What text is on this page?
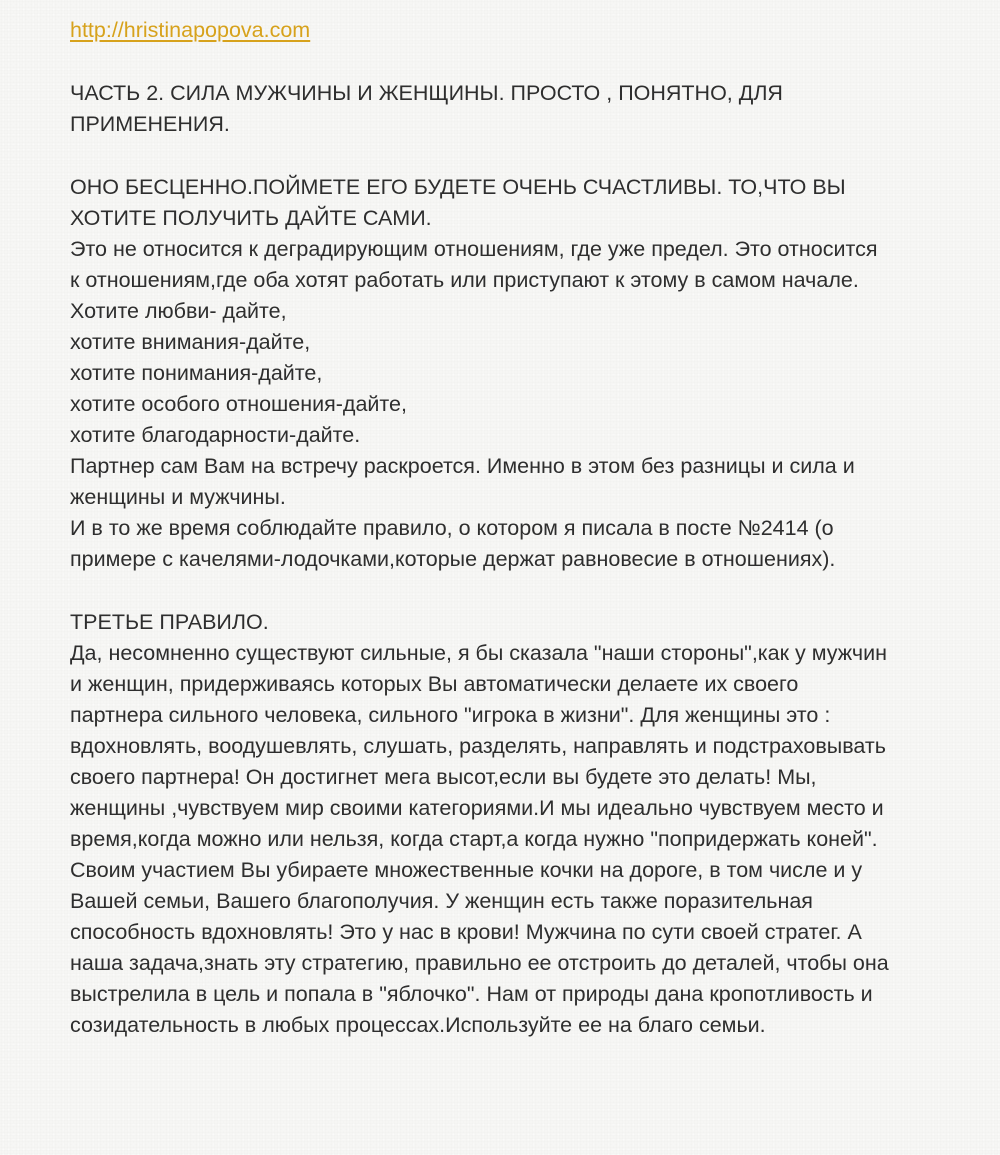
http://hristinapopova.com
ЧАСТЬ 2. СИЛА МУЖЧИНЫ И ЖЕНЩИНЫ. ПРОСТО , ПОНЯТНО, ДЛЯ
ПРИМЕНЕНИЯ.
ОНО БЕСЦЕННО.ПОЙМЕТЕ ЕГО БУДЕТЕ ОЧЕНЬ СЧАСТЛИВЫ. ТО,ЧТО ВЫ
ХОТИТЕ ПОЛУЧИТЬ ДАЙТЕ САМИ.
Это не относится к деградирующим отношениям, где уже предел. Это относится
к отношениям,где оба хотят работать или приступают к этому в самом начале.
Хотите любви- дайте,
хотите внимания-дайте,
хотите понимания-дайте,
хотите особого отношения-дайте,
хотите благодарности-дайте.
Партнер сам Вам на встречу раскроется. Именно в этом без разницы и сила и
женщины и мужчины.
И в то же время соблюдайте правило, о котором я писала в посте №2414 (о
примере с качелями-лодочками,которые держат равновесие в отношениях).
ТРЕТЬЕ ПРАВИЛО.
Да, несомненно существуют сильные, я бы сказала "наши стороны",как у мужчин
и женщин, придерживаясь которых Вы автоматически делаете их своего
партнера сильного человека, сильного "игрока в жизни". Для женщины это :
вдохновлять, воодушевлять, слушать, разделять, направлять и подстраховывать
своего партнера! Он достигнет мега высот,если вы будете это делать! Мы,
женщины ,чувствуем мир своими категориями.И мы идеально чувствуем место и
время,когда можно или нельзя, когда старт,а когда нужно "попридержать коней".
Своим участием Вы убираете множественные кочки на дороге, в том числе и у
Вашей семьи, Вашего благополучия. У женщин есть также поразительная
способность вдохновлять! Это у нас в крови! Мужчина по сути своей стратег. А
наша задача,знать эту стратегию, правильно ее отстроить до деталей, чтобы она
выстрелила в цель и попала в "яблочко". Нам от природы дана кропотливость и
созидательность в любых процессах.Используйте ее на благо семьи.
